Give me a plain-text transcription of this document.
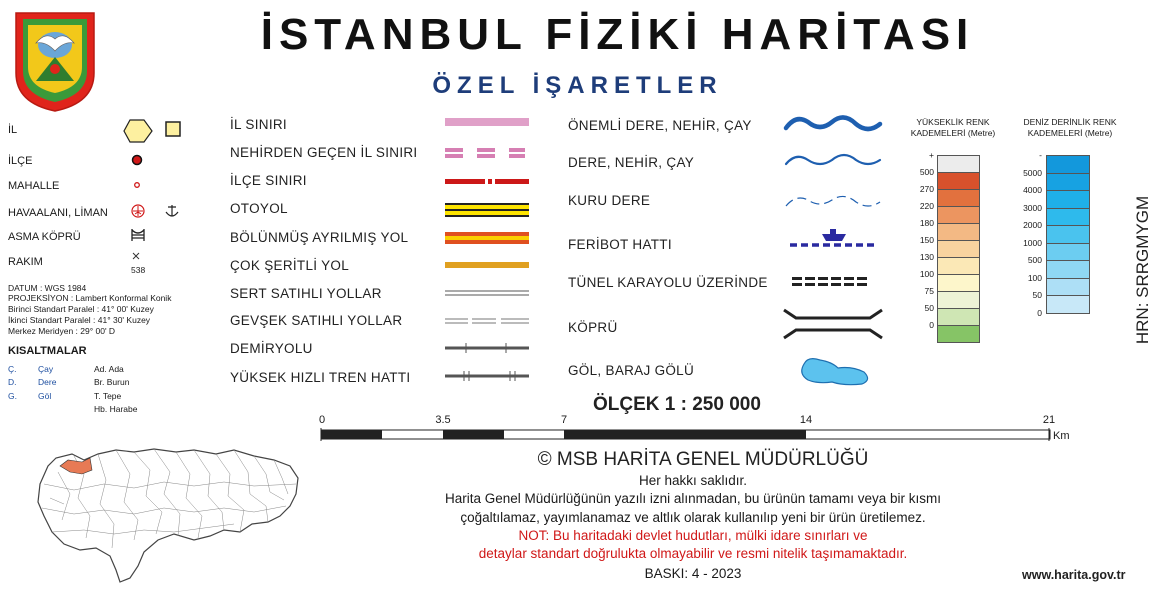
İSTANBUL FİZİKİ HARİTASI
ÖZEL İŞARETLER
İL
İLÇE
MAHALLE
HAVAALANI, LİMAN
ASMA KÖPRÜ
RAKIM
538
DATUM : WGS 1984
PROJEKSİYON : Lambert Konformal Konik
Birinci Standart Paralel : 41° 00' Kuzey
İkinci Standart Paralel : 41° 30' Kuzey
Merkez Meridyen : 29° 00' D
KISALTMALAR
Ç.	Çay
D.	Dere
G. Göl
Ad. Ada
Br. Burun
T. Tepe
Hb. Harabe
İL SINIRI
NEHİRDEN GEÇEN İL SINIRI
İLÇE SINIRI
OTOYOL
BÖLÜNMÜŞ AYRILMIŞ YOL
ÇOK ŞERİTLİ YOL
SERT SATIHLI YOLLAR
GEVŞEK SATIHLI YOLLAR
DEMİRYOLU
YÜKSEK HIZLI TREN HATTI
ÖNEMLİ DERE, NEHİR, ÇAY
DERE, NEHİR, ÇAY
KURU DERE
FERİBOT HATTI
TÜNEL KARAYOLU ÜZERİNDE
KÖPRÜ
GÖL, BARAJ GÖLÜ
YÜKSEKLİK RENK KADEMELERİ (Metre)
+
500
270
220
180
150
130
100
75
50
0
DENİZ DERİNLİK RENK KADEMELERİ (Metre)
-
5000
4000
3000
2000
1000
500
100
50
0	HRN: SRRGMYGM
ÖLÇEK 1 : 250 000
0	3.5	7	14	21
Km
© MSB HARİTA GENEL MÜDÜRLÜĞÜ
Her hakkı saklıdır.
Harita Genel Müdürlüğünün yazılı izni alınmadan, bu ürünün tamamı veya bir kısmı
çoğaltılamaz, yayımlanamaz ve altlık olarak kullanılıp yeni bir ürün üretilemez.
NOT: Bu haritadaki devlet hudutları, mülki idare sınırları ve
detaylar standart doğrulukta olmayabilir ve resmi nitelik taşımamaktadır.
BASKI: 4 - 2023	www.harita.gov.tr
